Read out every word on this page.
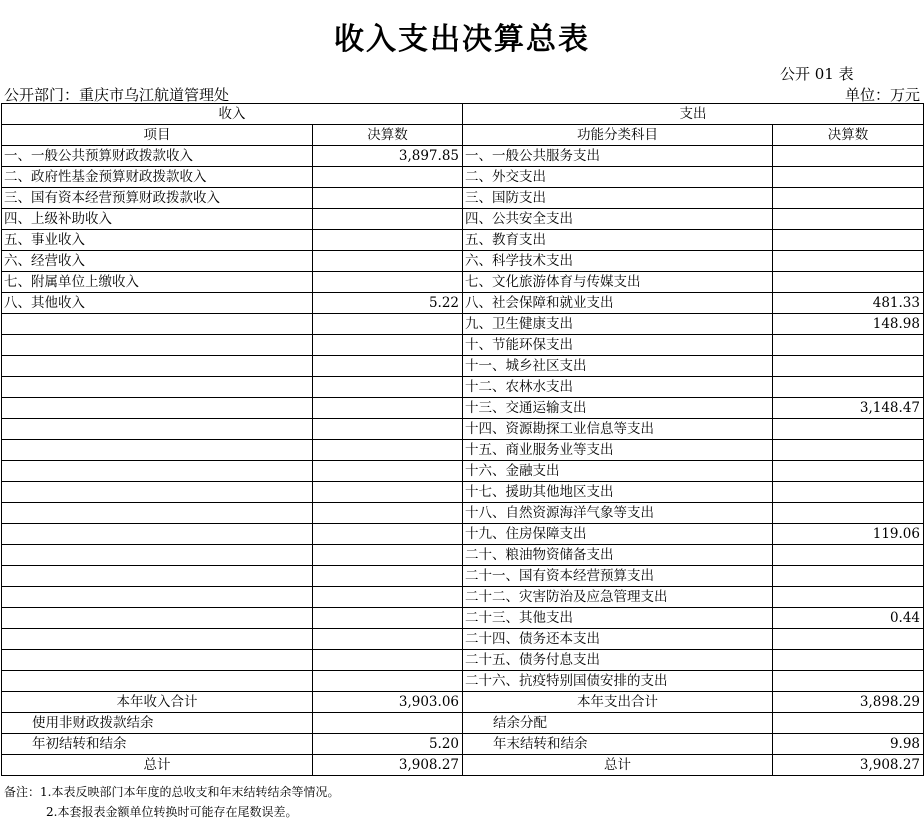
收入支出决算总表
公开 01 表
公开部门：重庆市乌江航道管理处	单位：万元
收入		支出	
项目	决算数	功能分类科目	决算数
一、一般公共预算财政拨款收入	3,897.85	一、一般公共服务支出	
二、政府性基金预算财政拨款收入		二、外交支出	
三、国有资本经营预算财政拨款收入		三、国防支出	
四、上级补助收入		四、公共安全支出	
五、事业收入		五、教育支出	
六、经营收入		六、科学技术支出	
七、附属单位上缴收入		七、文化旅游体育与传媒支出	
八、其他收入	5.22	八、社会保障和就业支出	481.33
		九、卫生健康支出	148.98
		十、节能环保支出	
		十一、城乡社区支出	
		十二、农林水支出	
		十三、交通运输支出	3,148.47
		十四、资源勘探工业信息等支出	
		十五、商业服务业等支出	
		十六、金融支出	
		十七、援助其他地区支出	
		十八、自然资源海洋气象等支出	
		十九、住房保障支出	119.06
		二十、粮油物资储备支出	
		二十一、国有资本经营预算支出	
		二十二、灾害防治及应急管理支出	
		二十三、其他支出	0.44
		二十四、债务还本支出	
		二十五、债务付息支出	
		二十六、抗疫特别国债安排的支出	
本年收入合计	3,903.06	本年支出合计	3,898.29
使用非财政拨款结余		结余分配	
年初结转和结余	5.20	年末结转和结余	9.98
总计	3,908.27	总计	3,908.27
备注：1.本表反映部门本年度的总收支和年末结转结余等情况。
2.本套报表金额单位转换时可能存在尾数误差。
